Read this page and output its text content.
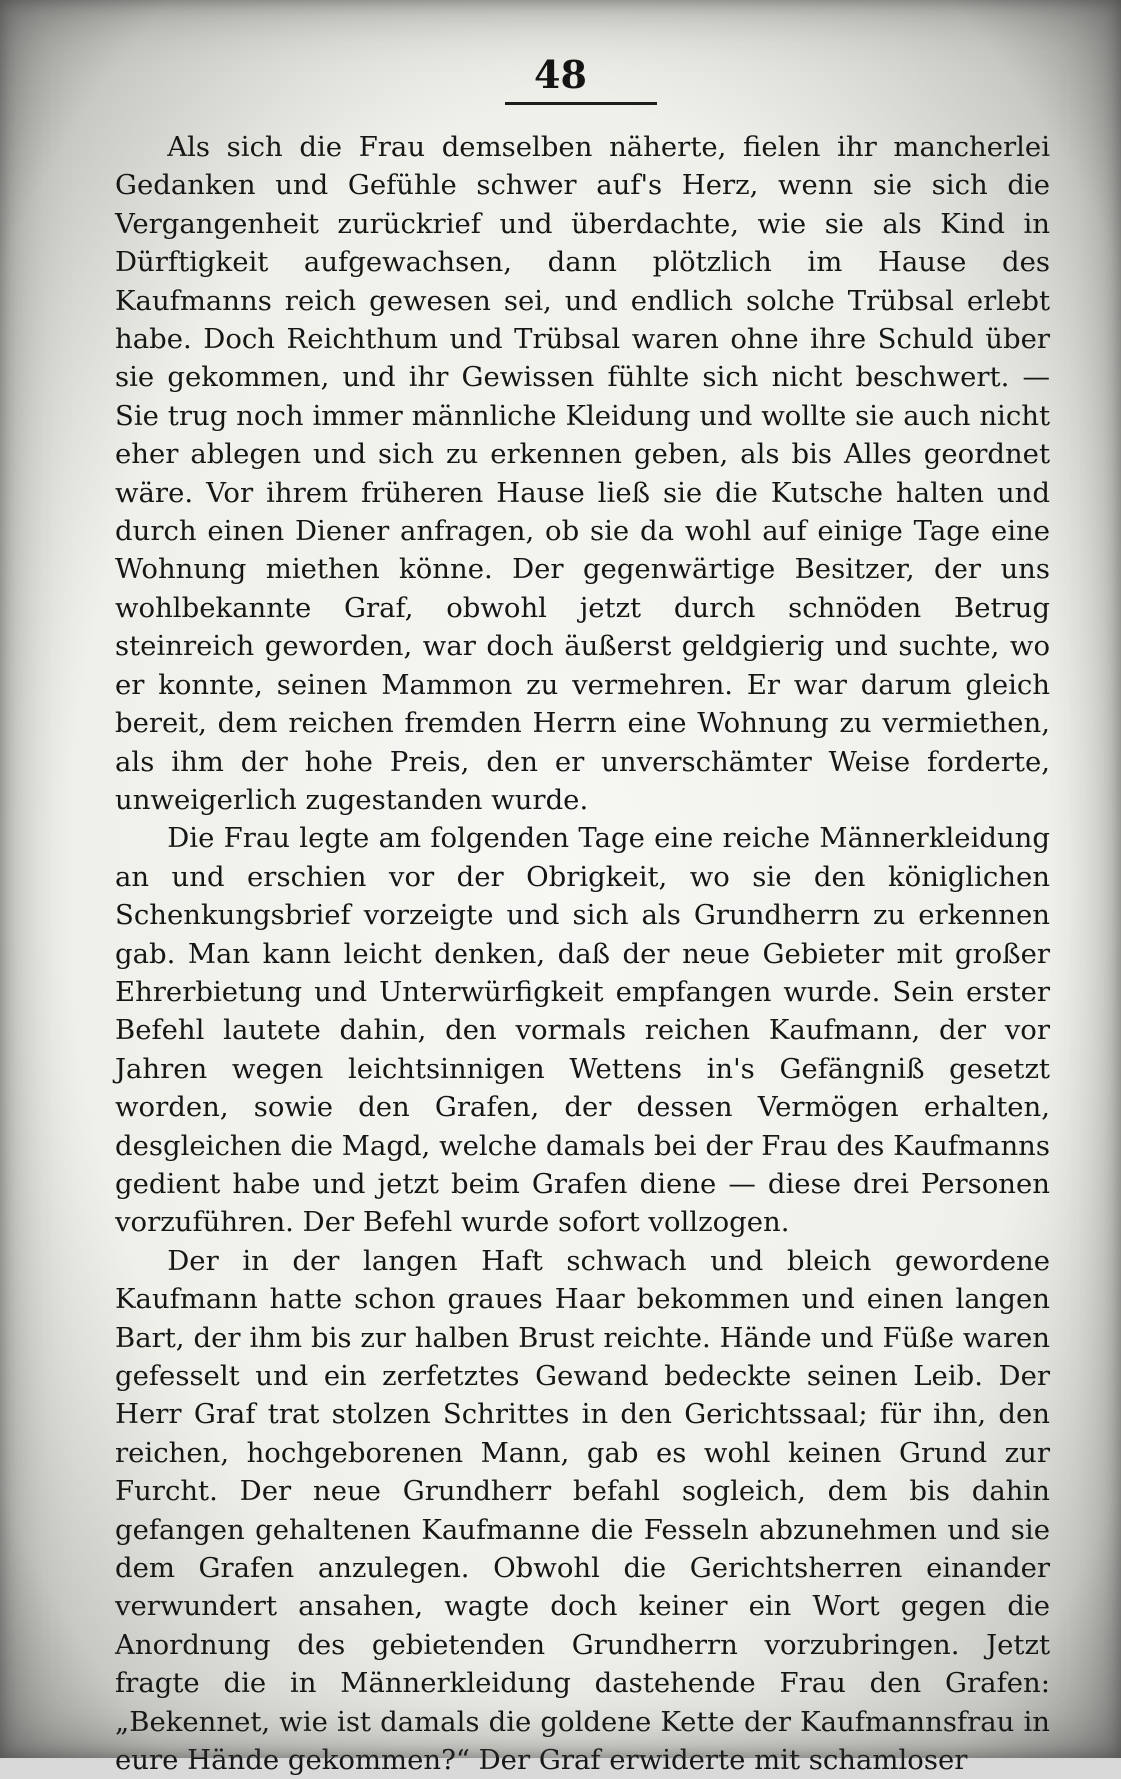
48

Als sich die Frau demselben näherte, fielen ihr mancherlei Gedanken und Gefühle schwer auf's Herz, wenn sie sich die Vergangenheit zurückrief und überdachte, wie sie als Kind in Dürftigkeit aufgewachsen, dann plötzlich im Hause des Kaufmanns reich gewesen sei, und endlich solche Trübsal erlebt habe. Doch Reichthum und Trübsal waren ohne ihre Schuld über sie gekommen, und ihr Gewissen fühlte sich nicht beschwert. — Sie trug noch immer männliche Kleidung und wollte sie auch nicht eher ablegen und sich zu erkennen geben, als bis Alles geordnet wäre. Vor ihrem früheren Hause ließ sie die Kutsche halten und durch einen Diener anfragen, ob sie da wohl auf einige Tage eine Wohnung miethen könne. Der gegenwärtige Besitzer, der uns wohlbekannte Graf, obwohl jetzt durch schnöden Betrug steinreich geworden, war doch äußerst geldgierig und suchte, wo er konnte, seinen Mammon zu vermehren. Er war darum gleich bereit, dem reichen fremden Herrn eine Wohnung zu vermiethen, als ihm der hohe Preis, den er unverschämter Weise forderte, unweigerlich zugestanden wurde.

Die Frau legte am folgenden Tage eine reiche Männerkleidung an und erschien vor der Obrigkeit, wo sie den königlichen Schenkungsbrief vorzeigte und sich als Grundherrn zu erkennen gab. Man kann leicht denken, daß der neue Gebieter mit großer Ehrerbietung und Unterwürfigkeit empfangen wurde. Sein erster Befehl lautete dahin, den vormals reichen Kaufmann, der vor Jahren wegen leichtsinnigen Wettens in's Gefängniß gesetzt worden, sowie den Grafen, der dessen Vermögen erhalten, desgleichen die Magd, welche damals bei der Frau des Kaufmanns gedient habe und jetzt beim Grafen diene — diese drei Personen vorzuführen. Der Befehl wurde sofort vollzogen.

Der in der langen Haft schwach und bleich gewordene Kaufmann hatte schon graues Haar bekommen und einen langen Bart, der ihm bis zur halben Brust reichte. Hände und Füße waren gefesselt und ein zerfetztes Gewand bedeckte seinen Leib. Der Herr Graf trat stolzen Schrittes in den Gerichtssaal; für ihn, den reichen, hochgeborenen Mann, gab es wohl keinen Grund zur Furcht. Der neue Grundherr befahl sogleich, dem bis dahin gefangen gehaltenen Kaufmanne die Fesseln abzunehmen und sie dem Grafen anzulegen. Obwohl die Gerichtsherren einander verwundert ansahen, wagte doch keiner ein Wort gegen die Anordnung des gebietenden Grundherrn vorzubringen. Jetzt fragte die in Männerkleidung dastehende Frau den Grafen: „Bekennet, wie ist damals die goldene Kette der Kaufmannsfrau in eure Hände gekommen?“ Der Graf erwiderte mit schamloser
